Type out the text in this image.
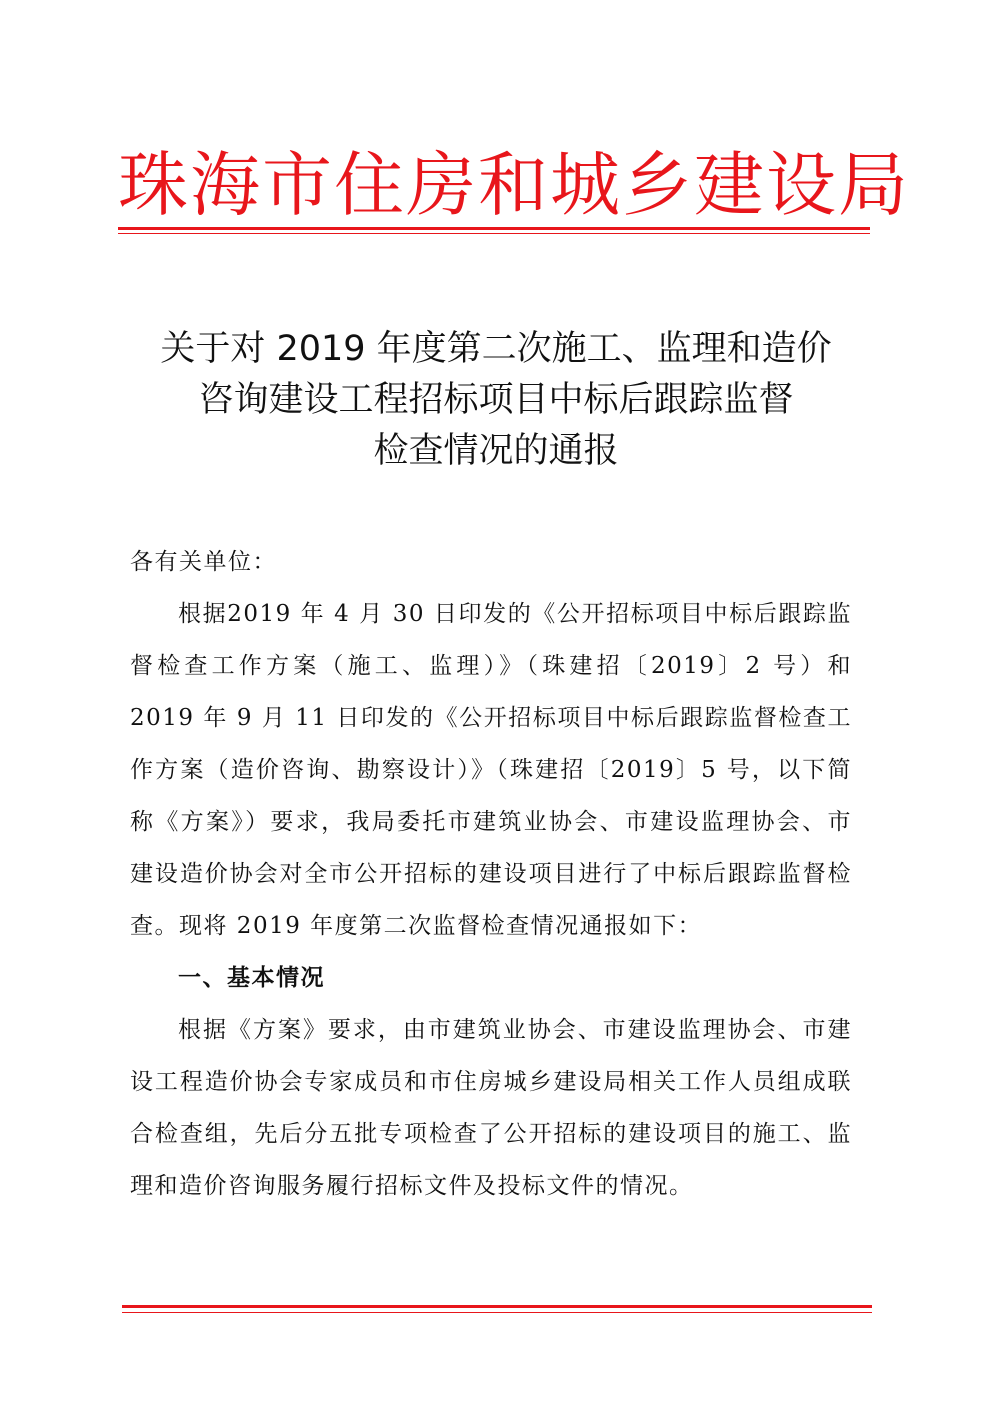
珠海市住房和城乡建设局
关于对 2019 年度第二次施工、监理和造价
咨询建设工程招标项目中标后跟踪监督
检查情况的通报

各有关单位：

根据2019 年 4 月 30 日印发的《公开招标项目中标后跟踪监督检查工作方案（施工、监理）》（珠建招〔2019〕2 号）和 2019 年 9 月 11 日印发的《公开招标项目中标后跟踪监督检查工作方案（造价咨询、勘察设计）》（珠建招〔2019〕5 号，以下简称《方案》）要求，我局委托市建筑业协会、市建设监理协会、市建设造价协会对全市公开招标的建设项目进行了中标后跟踪监督检查。现将 2019 年度第二次监督检查情况通报如下：

一、基本情况

根据《方案》要求，由市建筑业协会、市建设监理协会、市建设工程造价协会专家成员和市住房城乡建设局相关工作人员组成联合检查组，先后分五批专项检查了公开招标的建设项目的施工、监理和造价咨询服务履行招标文件及投标文件的情况。
